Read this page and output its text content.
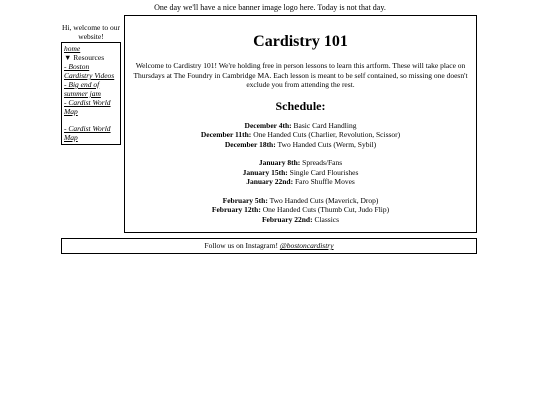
One day we'll have a nice banner image logo here. Today is not that day.
Hi, welcome to our website!
home
▼ Resources
- Boston Cardistry Videos
- Big end of summer jam
- Cardist World Map
- Cardist World Map
Cardistry 101
Welcome to Cardistry 101! We're holding free in person lessons to learn this artform. These will take place on Thursdays at The Foundry in Cambridge MA. Each lesson is meant to be self contained, so missing one doesn't exclude you from attending the rest.
Schedule:
December 4th: Basic Card Handling
December 11th: One Handed Cuts (Charlier, Revolution, Scissor)
December 18th: Two Handed Cuts (Werm, Sybil)
January 8th: Spreads/Fans
January 15th: Single Card Flourishes
January 22nd: Faro Shuffle Moves
February 5th: Two Handed Cuts (Maverick, Drop)
February 12th: One Handed Cuts (Thumb Cut, Judo Flip)
February 22nd: Classics
Follow us on Instagram! @bostoncardistry
